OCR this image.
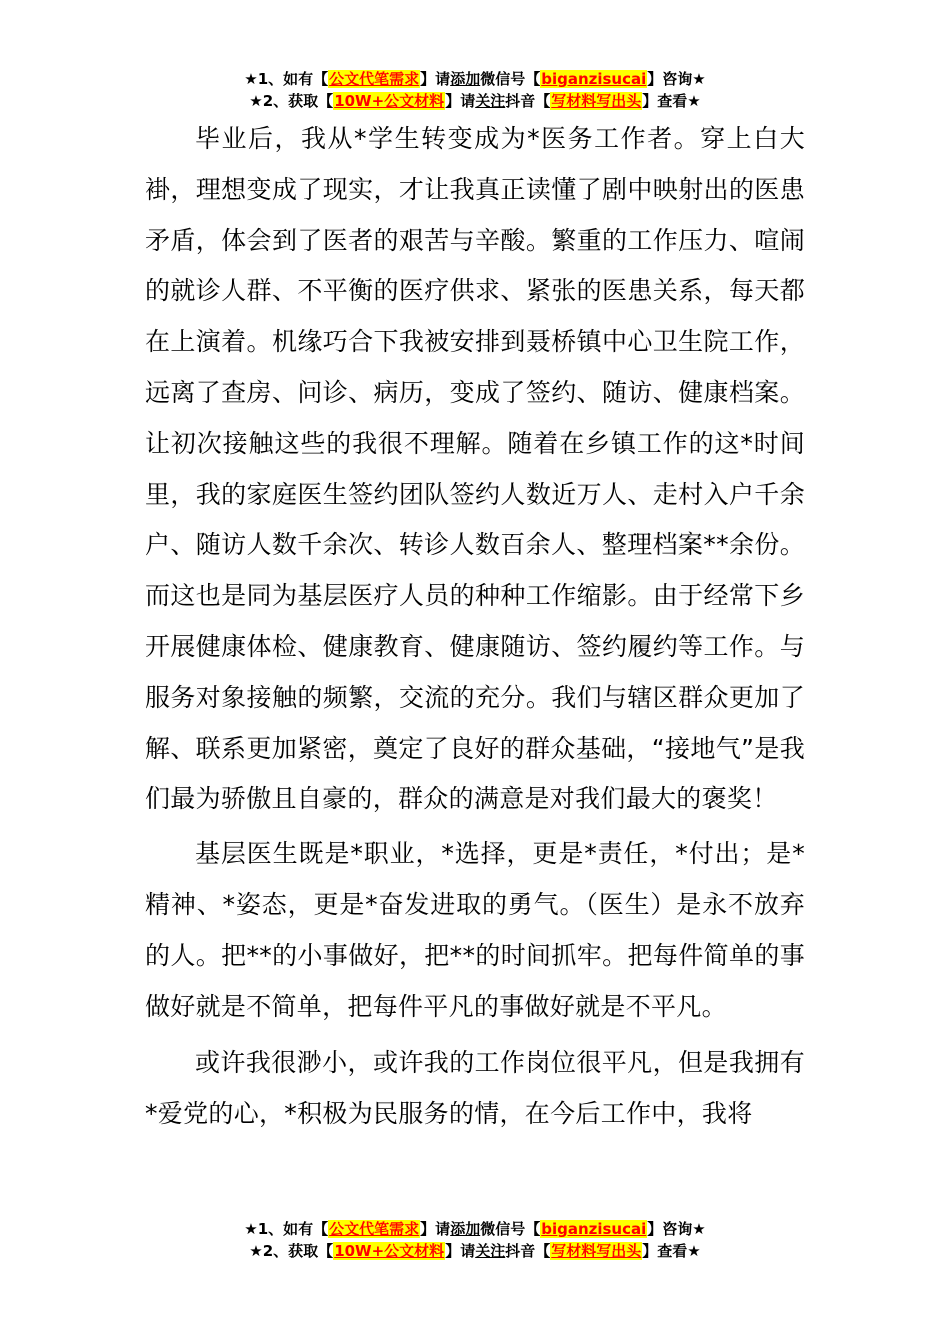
★1、如有【公文代笔需求】请添加微信号【biganzisucai】咨询★
★2、获取【10W+公文材料】请关注抖音【写材料写出头】查看★

毕业后，我从*学生转变成为*医务工作者。穿上白大褂，理想变成了现实，才让我真正读懂了剧中映射出的医患矛盾，体会到了医者的艰苦与辛酸。繁重的工作压力、喧闹的就诊人群、不平衡的医疗供求、紧张的医患关系，每天都在上演着。机缘巧合下我被安排到聂桥镇中心卫生院工作，远离了查房、问诊、病历，变成了签约、随访、健康档案。让初次接触这些的我很不理解。随着在乡镇工作的这*时间里，我的家庭医生签约团队签约人数近万人、走村入户千余户、随访人数千余次、转诊人数百余人、整理档案**余份。而这也是同为基层医疗人员的种种工作缩影。由于经常下乡开展健康体检、健康教育、健康随访、签约履约等工作。与服务对象接触的频繁，交流的充分。我们与辖区群众更加了解、联系更加紧密，奠定了良好的群众基础，“接地气”是我们最为骄傲且自豪的，群众的满意是对我们最大的褒奖！

基层医生既是*职业，*选择，更是*责任，*付出；是*精神、*姿态，更是*奋发进取的勇气。（医生）是永不放弃的人。把**的小事做好，把**的时间抓牢。把每件简单的事做好就是不简单，把每件平凡的事做好就是不平凡。

或许我很渺小，或许我的工作岗位很平凡，但是我拥有*爱党的心，*积极为民服务的情，在今后工作中，我将

★1、如有【公文代笔需求】请添加微信号【biganzisucai】咨询★
★2、获取【10W+公文材料】请关注抖音【写材料写出头】查看★
